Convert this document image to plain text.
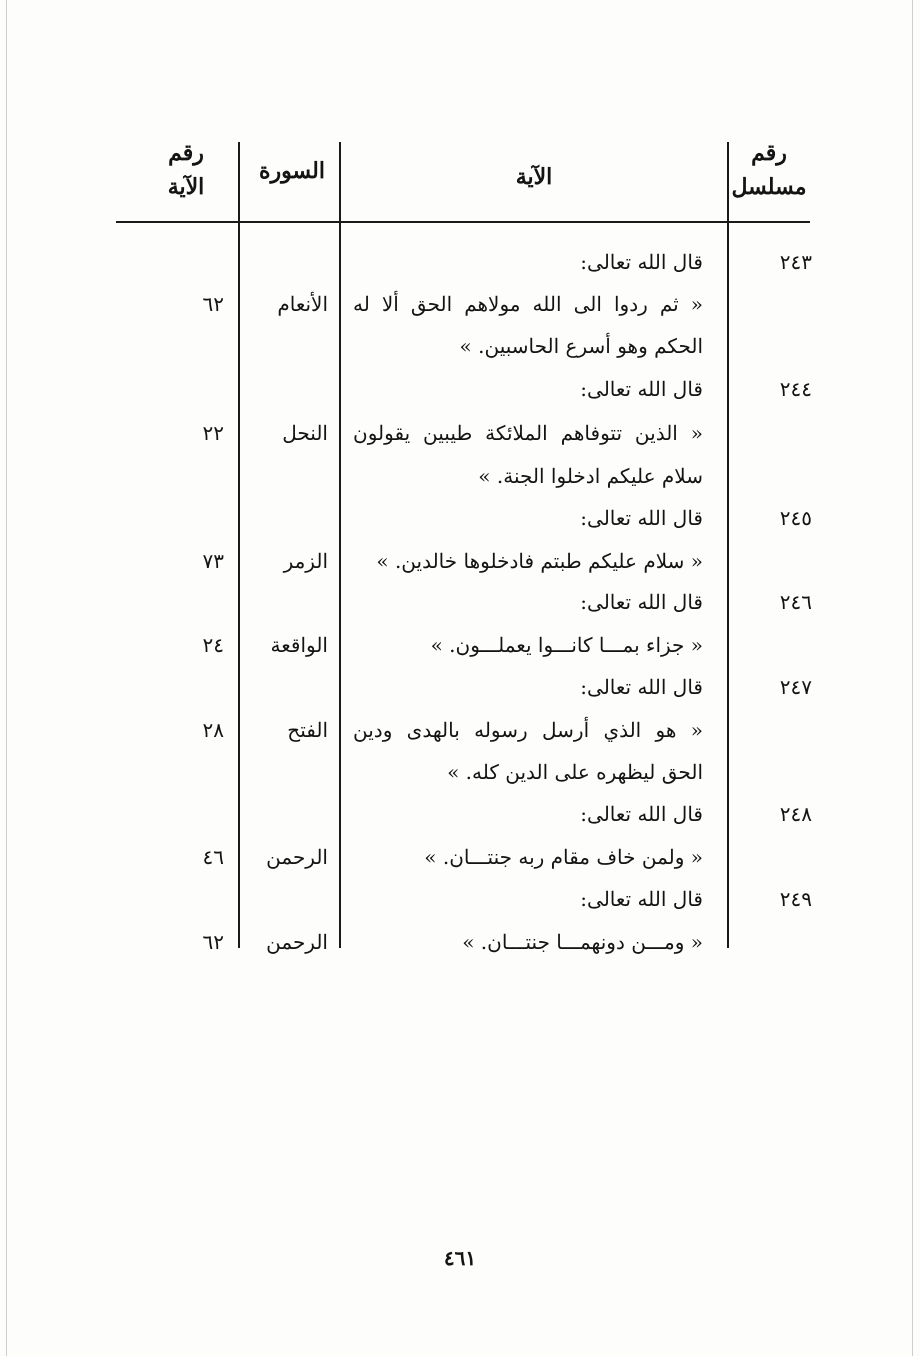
رقم
مسلسل
الآية
السورة
رقم
الآية
٢٤٣
قال الله تعالى:
« ثم ردوا الى الله مولاهم الحق ألا له
الحكم وهو أسرع الحاسبين. »
الأنعام
٦٢
٢٤٤
قال الله تعالى:
« الذين تتوفاهم الملائكة طيبين يقولون
سلام عليكم ادخلوا الجنة. »
النحل
٢٢
٢٤٥
قال الله تعالى:
« سلام عليكم طبتم فادخلوها خالدين. »
الزمر
٧٣
٢٤٦
قال الله تعالى:
« جزاء بمـــا كانـــوا يعملـــون. »
الواقعة
٢٤
٢٤٧
قال الله تعالى:
« هو الذي أرسل رسوله بالهدى ودين
الحق ليظهره على الدين كله. »
الفتح
٢٨
٢٤٨
قال الله تعالى:
« ولمن خاف مقام ربه جنتـــان. »
الرحمن
٤٦
٢٤٩
قال الله تعالى:
« ومـــن دونهمـــا جنتـــان. »
الرحمن
٦٢
٤٦١
